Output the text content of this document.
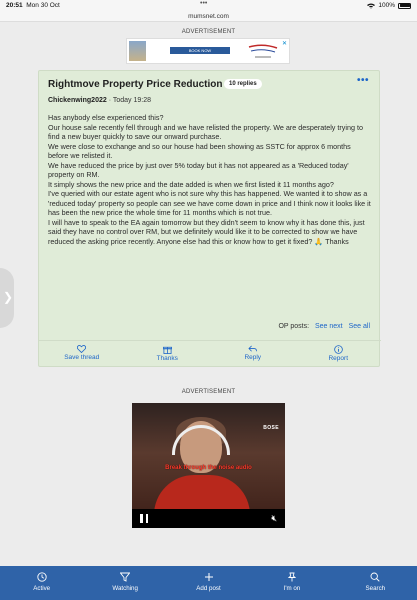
20:51 Mon 30 Oct	•••	100%
mumsnet.com
ADVERTISEMENT
BOOK NOW
✕
Rightmove Property Price Reduction	10 replies	•••
Chickenwing2022 · Today 19:28

Has anybody else experienced this?

Our house sale recently fell through and we have relisted the property. We are desperately trying to find a new buyer quickly to save our onward purchase.

We were close to exchange and so our house had been showing as SSTC for approx 6 months before we relisted it.

We have reduced the price by just over 5% today but it has not appeared as a 'Reduced today' property on RM.

It simply shows the new price and the date added is when we first listed it 11 months ago?

I've queried with our estate agent who is not sure why this has happened. We wanted it to show as a 'reduced today' property so people can see we have come down in price and I think now it looks like it has been the new price the whole time for 11 months which is not true.

I will have to speak to the EA again tomorrow but they didn't seem to know why it has done this, just said they have no control over RM, but we definitely would like it to be corrected to show we have reduced the asking price recently. Anyone else had this or know how to get it fixed? 🙏 Thanks

OP posts: See next See all
Save thread	Thanks	Reply	Report
ADVERTISEMENT
BOSE
Break through the noise audio
🔇︎
❯
Active	Watching	Add post	I'm on	Search
